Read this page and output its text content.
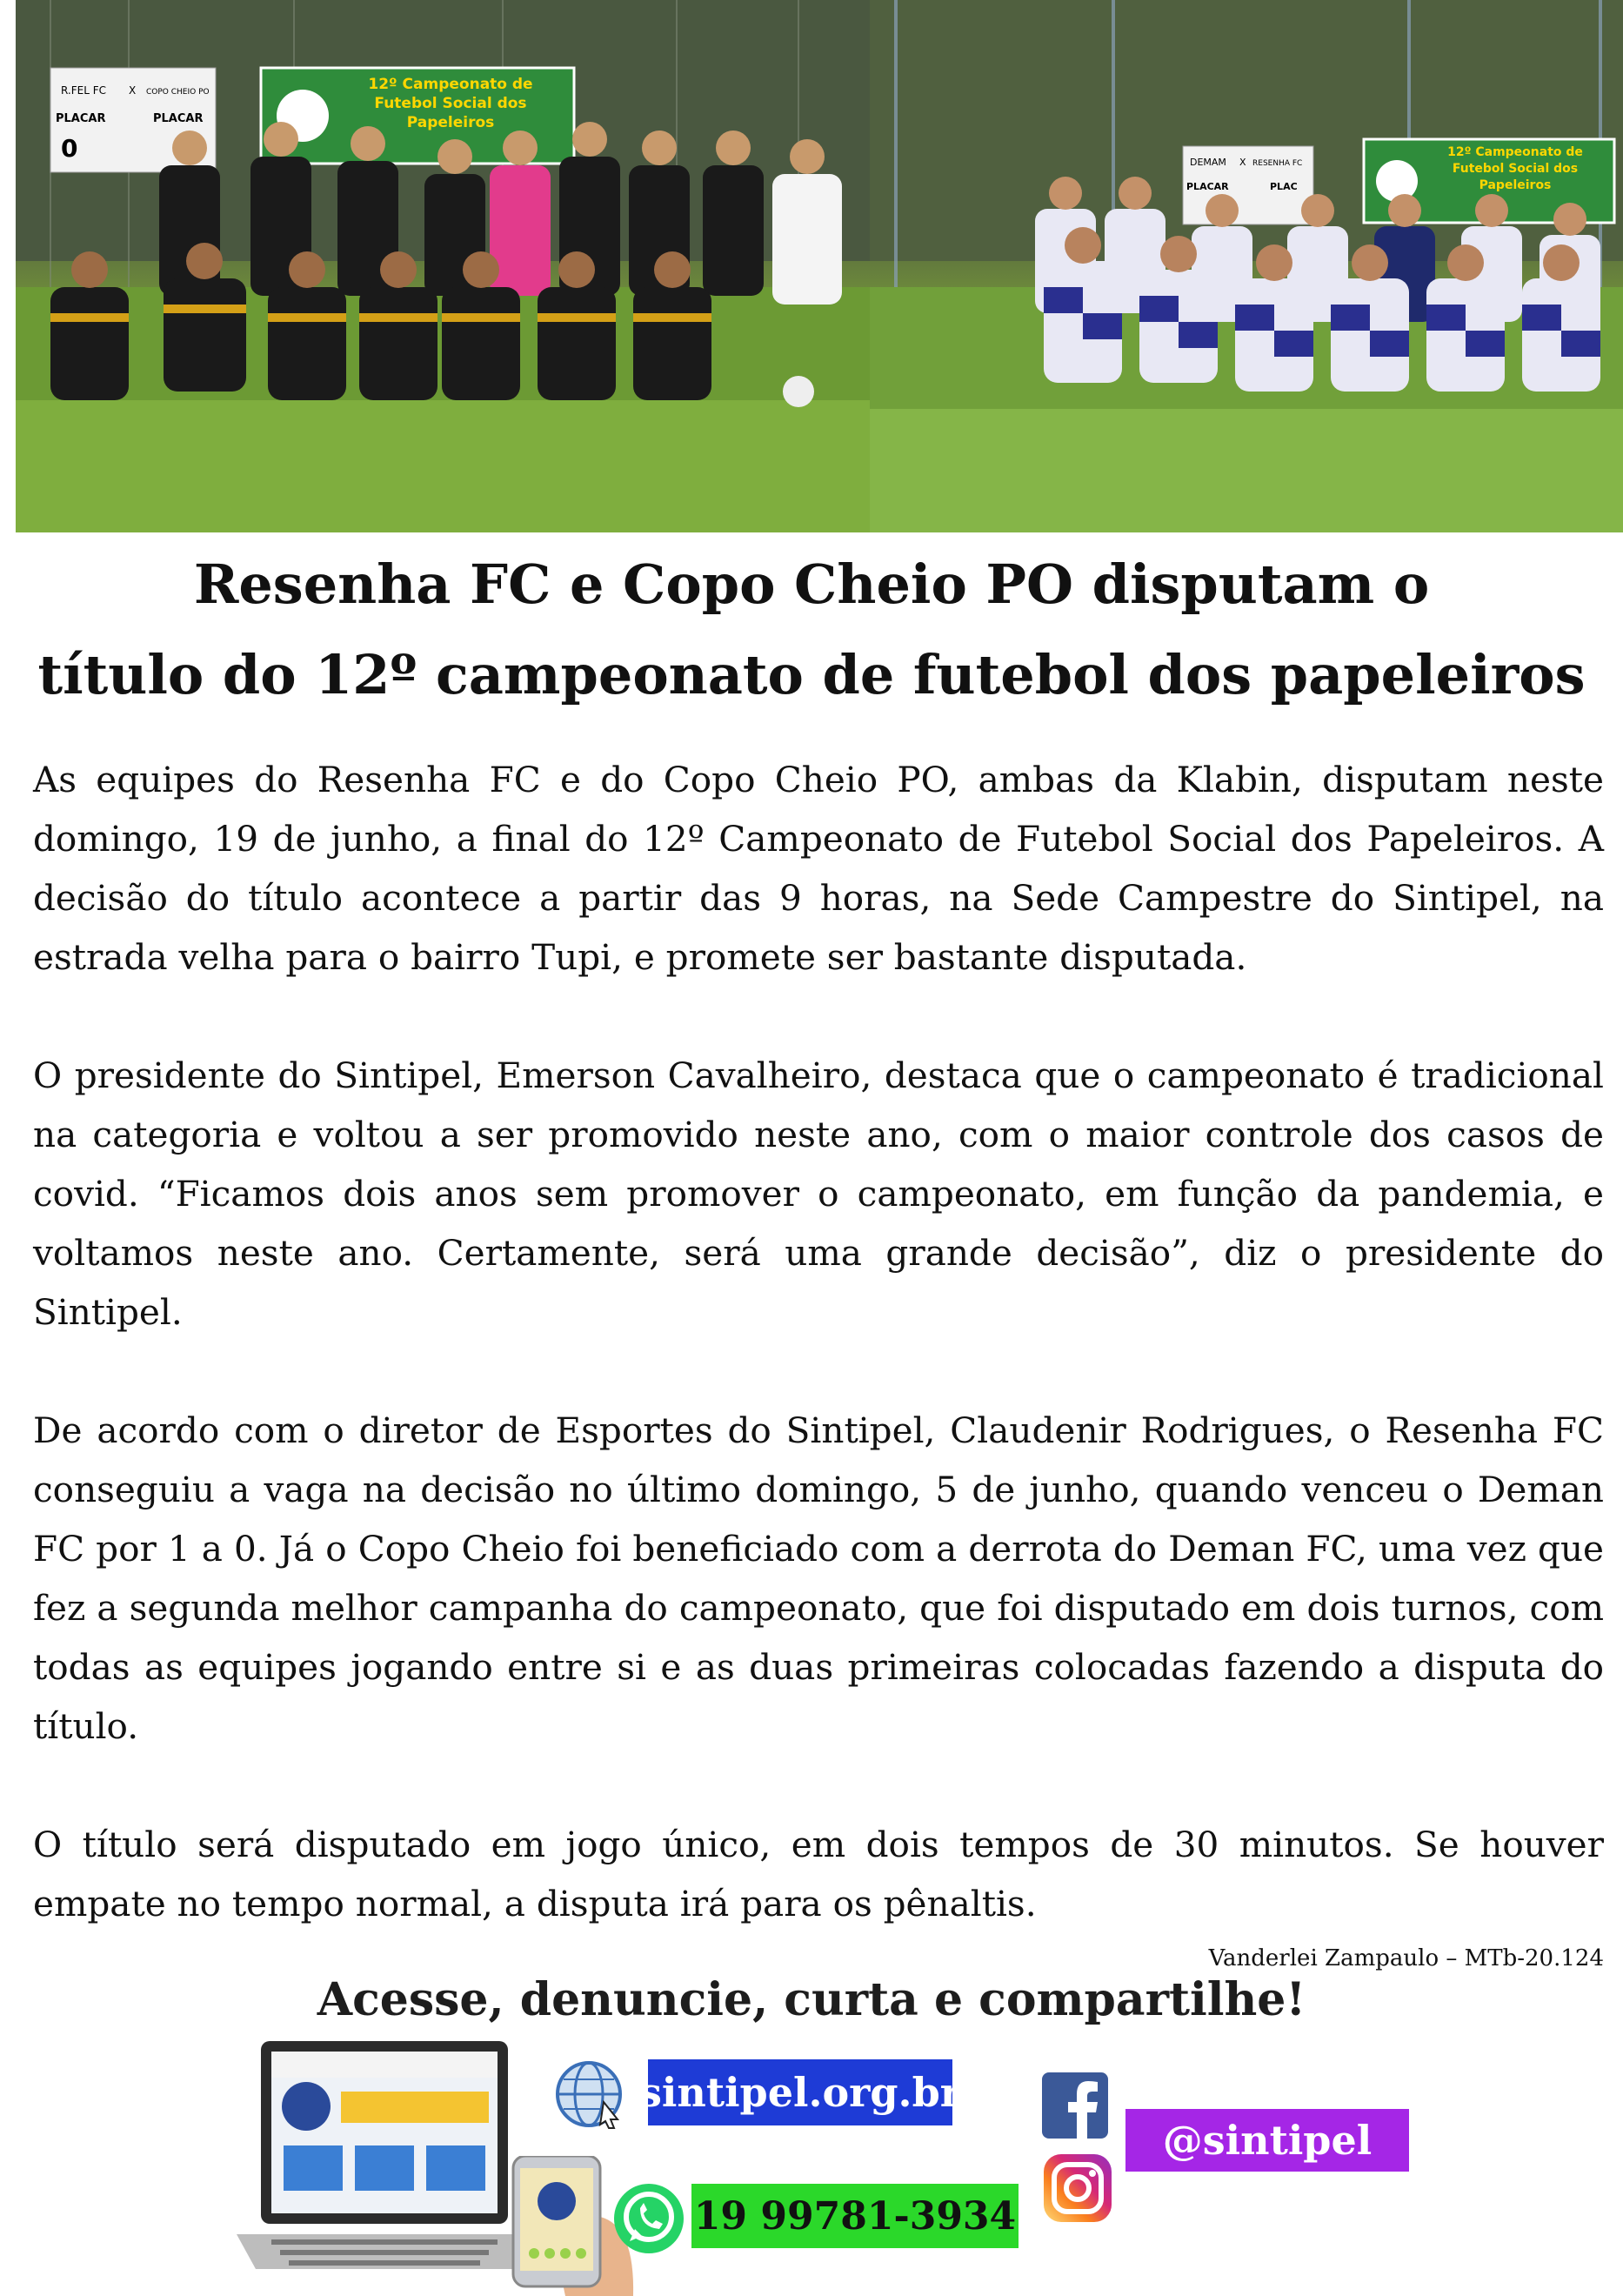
R.FEL FC X COPO CHEIO PO
PLACAR	PLACAR
0
12º Campeonato de Futebol Social dos Papeleiros
DEMAM X RESENHA FC
PLACAR	PLAC
12º Campeonato de Futebol Social dos Papeleiros
Resenha FC e Copo Cheio PO disputam o
título do 12º campeonato de futebol dos papeleiros

As equipes do Resenha FC e do Copo Cheio PO, ambas da Klabin, disputam neste domingo, 19 de junho, a final do 12º Campeonato de Futebol Social dos Papeleiros. A decisão do título acontece a partir das 9 horas, na Sede Campestre do Sintipel, na estrada velha para o bairro Tupi, e promete ser bastante disputada.

O presidente do Sintipel, Emerson Cavalheiro, destaca que o campeonato é tradicional na categoria e voltou a ser promovido neste ano, com o maior controle dos casos de covid. “Ficamos dois anos sem promover o campeonato, em função da pandemia, e voltamos neste ano. Certamente, será uma grande decisão”, diz o presidente do Sintipel.

De acordo com o diretor de Esportes do Sintipel, Claudenir Rodrigues, o Resenha FC conseguiu a vaga na decisão no último domingo, 5 de junho, quando venceu o Deman FC por 1 a 0. Já o Copo Cheio foi beneficiado com a derrota do Deman FC, uma vez que fez a segunda melhor campanha do campeonato, que foi disputado em dois turnos, com todas as equipes jogando entre si e as duas primeiras colocadas fazendo a disputa do título.

O título será disputado em jogo único, em dois tempos de 30 minutos. Se houver empate no tempo normal, a disputa irá para os pênaltis.

Vanderlei Zampaulo – MTb-20.124
Acesse, denuncie, curta e compartilhe!
sintipel.org.br
19 99781-3934
@sintipel
